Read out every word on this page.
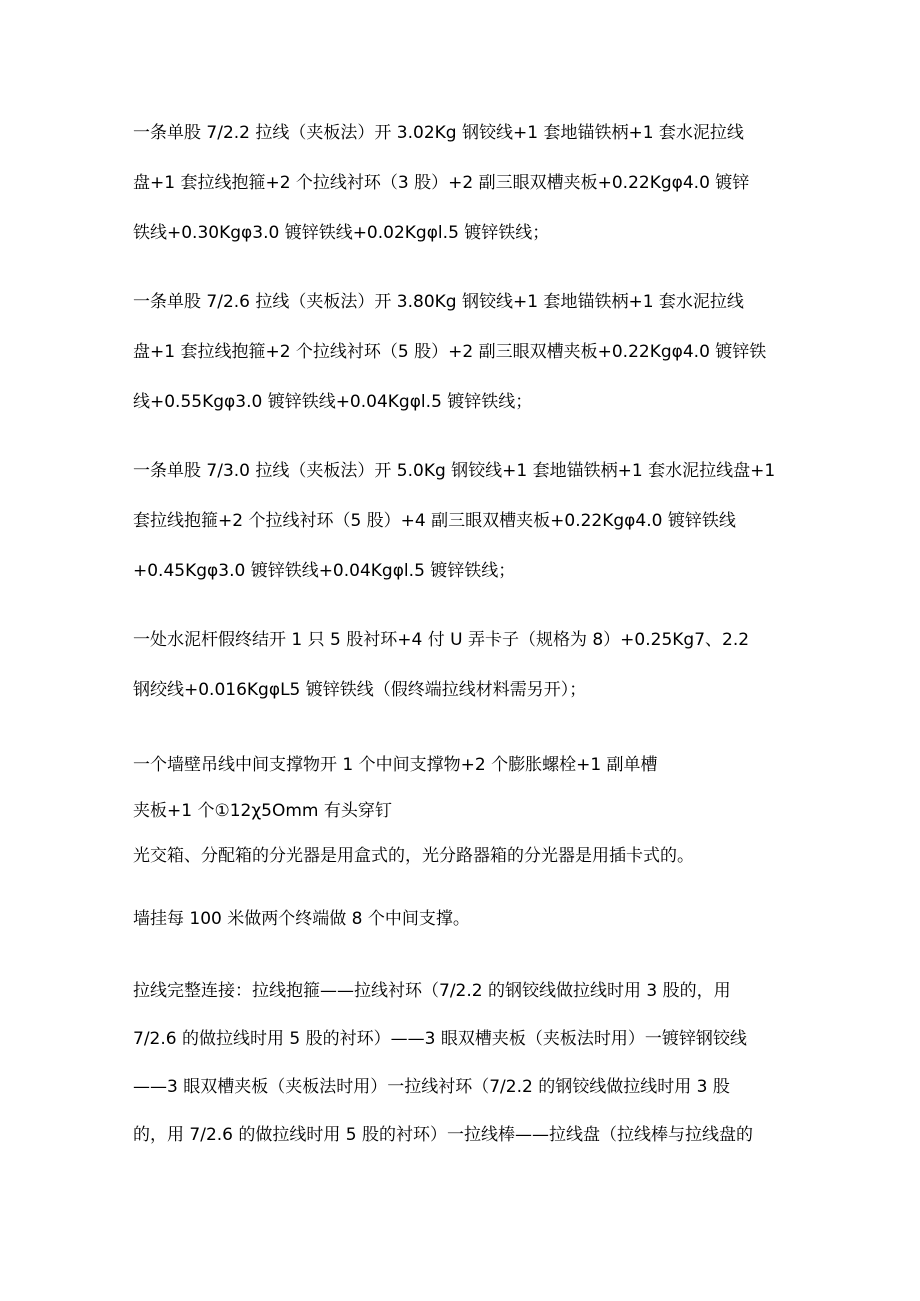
一条单股 7/2.2 拉线（夹板法）开 3.02Kg 钢铰线+1 套地锚铁柄+1 套水泥拉线
盘+1 套拉线抱箍+2 个拉线衬环（3 股）+2 副三眼双槽夹板+0.22Kgφ4.0 镀锌
铁线+0.30Kgφ3.0 镀锌铁线+0.02Kgφl.5 镀锌铁线；
一条单股 7/2.6 拉线（夹板法）开 3.80Kg 钢铰线+1 套地锚铁柄+1 套水泥拉线
盘+1 套拉线抱箍+2 个拉线衬环（5 股）+2 副三眼双槽夹板+0.22Kgφ4.0 镀锌铁
线+0.55Kgφ3.0 镀锌铁线+0.04Kgφl.5 镀锌铁线；
一条单股 7/3.0 拉线（夹板法）开 5.0Kg 钢铰线+1 套地锚铁柄+1 套水泥拉线盘+1
套拉线抱箍+2 个拉线衬环（5 股）+4 副三眼双槽夹板+0.22Kgφ4.0 镀锌铁线
+0.45Kgφ3.0 镀锌铁线+0.04Kgφl.5 镀锌铁线；
一处水泥杆假终结开 1 只 5 股衬环+4 付 U 弄卡子（规格为 8）+0.25Kg7、2.2
钢绞线+0.016KgφL5 镀锌铁线（假终端拉线材料需另开）；
一个墙壁吊线中间支撑物开 1 个中间支撑物+2 个膨胀螺栓+1 副单槽
夹板+1 个①12χ5Omm 有头穿钉
光交箱、分配箱的分光器是用盒式的，光分路器箱的分光器是用插卡式的。
墙挂每 100 米做两个终端做 8 个中间支撑。
拉线完整连接：拉线抱箍——拉线衬环（7/2.2 的钢铰线做拉线时用 3 股的，用
7/2.6 的做拉线时用 5 股的衬环）——3 眼双槽夹板（夹板法时用）一镀锌钢铰线
——3 眼双槽夹板（夹板法时用）一拉线衬环（7/2.2 的钢铰线做拉线时用 3 股
的，用 7/2.6 的做拉线时用 5 股的衬环）一拉线棒——拉线盘（拉线棒与拉线盘的
